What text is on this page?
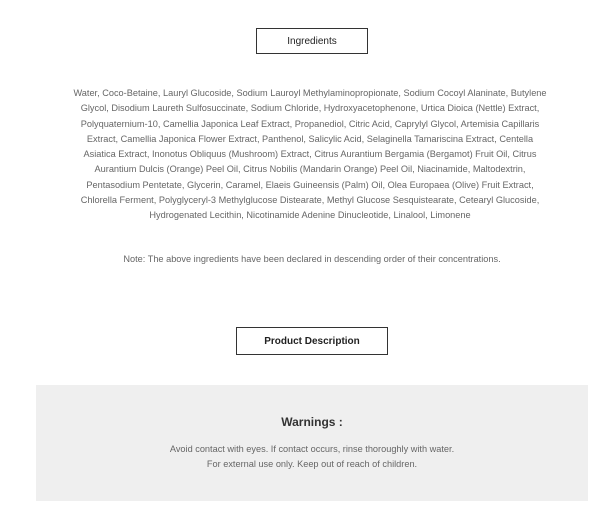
Ingredients

Water, Coco-Betaine, Lauryl Glucoside, Sodium Lauroyl Methylaminopropionate, Sodium Cocoyl Alaninate, Butylene Glycol, Disodium Laureth Sulfosuccinate, Sodium Chloride, Hydroxyacetophenone, Urtica Dioica (Nettle) Extract, Polyquaternium-10, Camellia Japonica Leaf Extract, Propanediol, Citric Acid, Caprylyl Glycol, Artemisia Capillaris Extract, Camellia Japonica Flower Extract, Panthenol, Salicylic Acid, Selaginella Tamariscina Extract, Centella Asiatica Extract, Inonotus Obliquus (Mushroom) Extract, Citrus Aurantium Bergamia (Bergamot) Fruit Oil, Citrus Aurantium Dulcis (Orange) Peel Oil, Citrus Nobilis (Mandarin Orange) Peel Oil, Niacinamide, Maltodextrin, Pentasodium Pentetate, Glycerin, Caramel, Elaeis Guineensis (Palm) Oil, Olea Europaea (Olive) Fruit Extract, Chlorella Ferment, Polyglyceryl-3 Methylglucose Distearate, Methyl Glucose Sesquistearate, Cetearyl Glucoside, Hydrogenated Lecithin, Nicotinamide Adenine Dinucleotide, Linalool, Limonene

Note: The above ingredients have been declared in descending order of their concentrations.

Product Description

Warnings :

Avoid contact with eyes. If contact occurs, rinse thoroughly with water.

For external use only. Keep out of reach of children.
